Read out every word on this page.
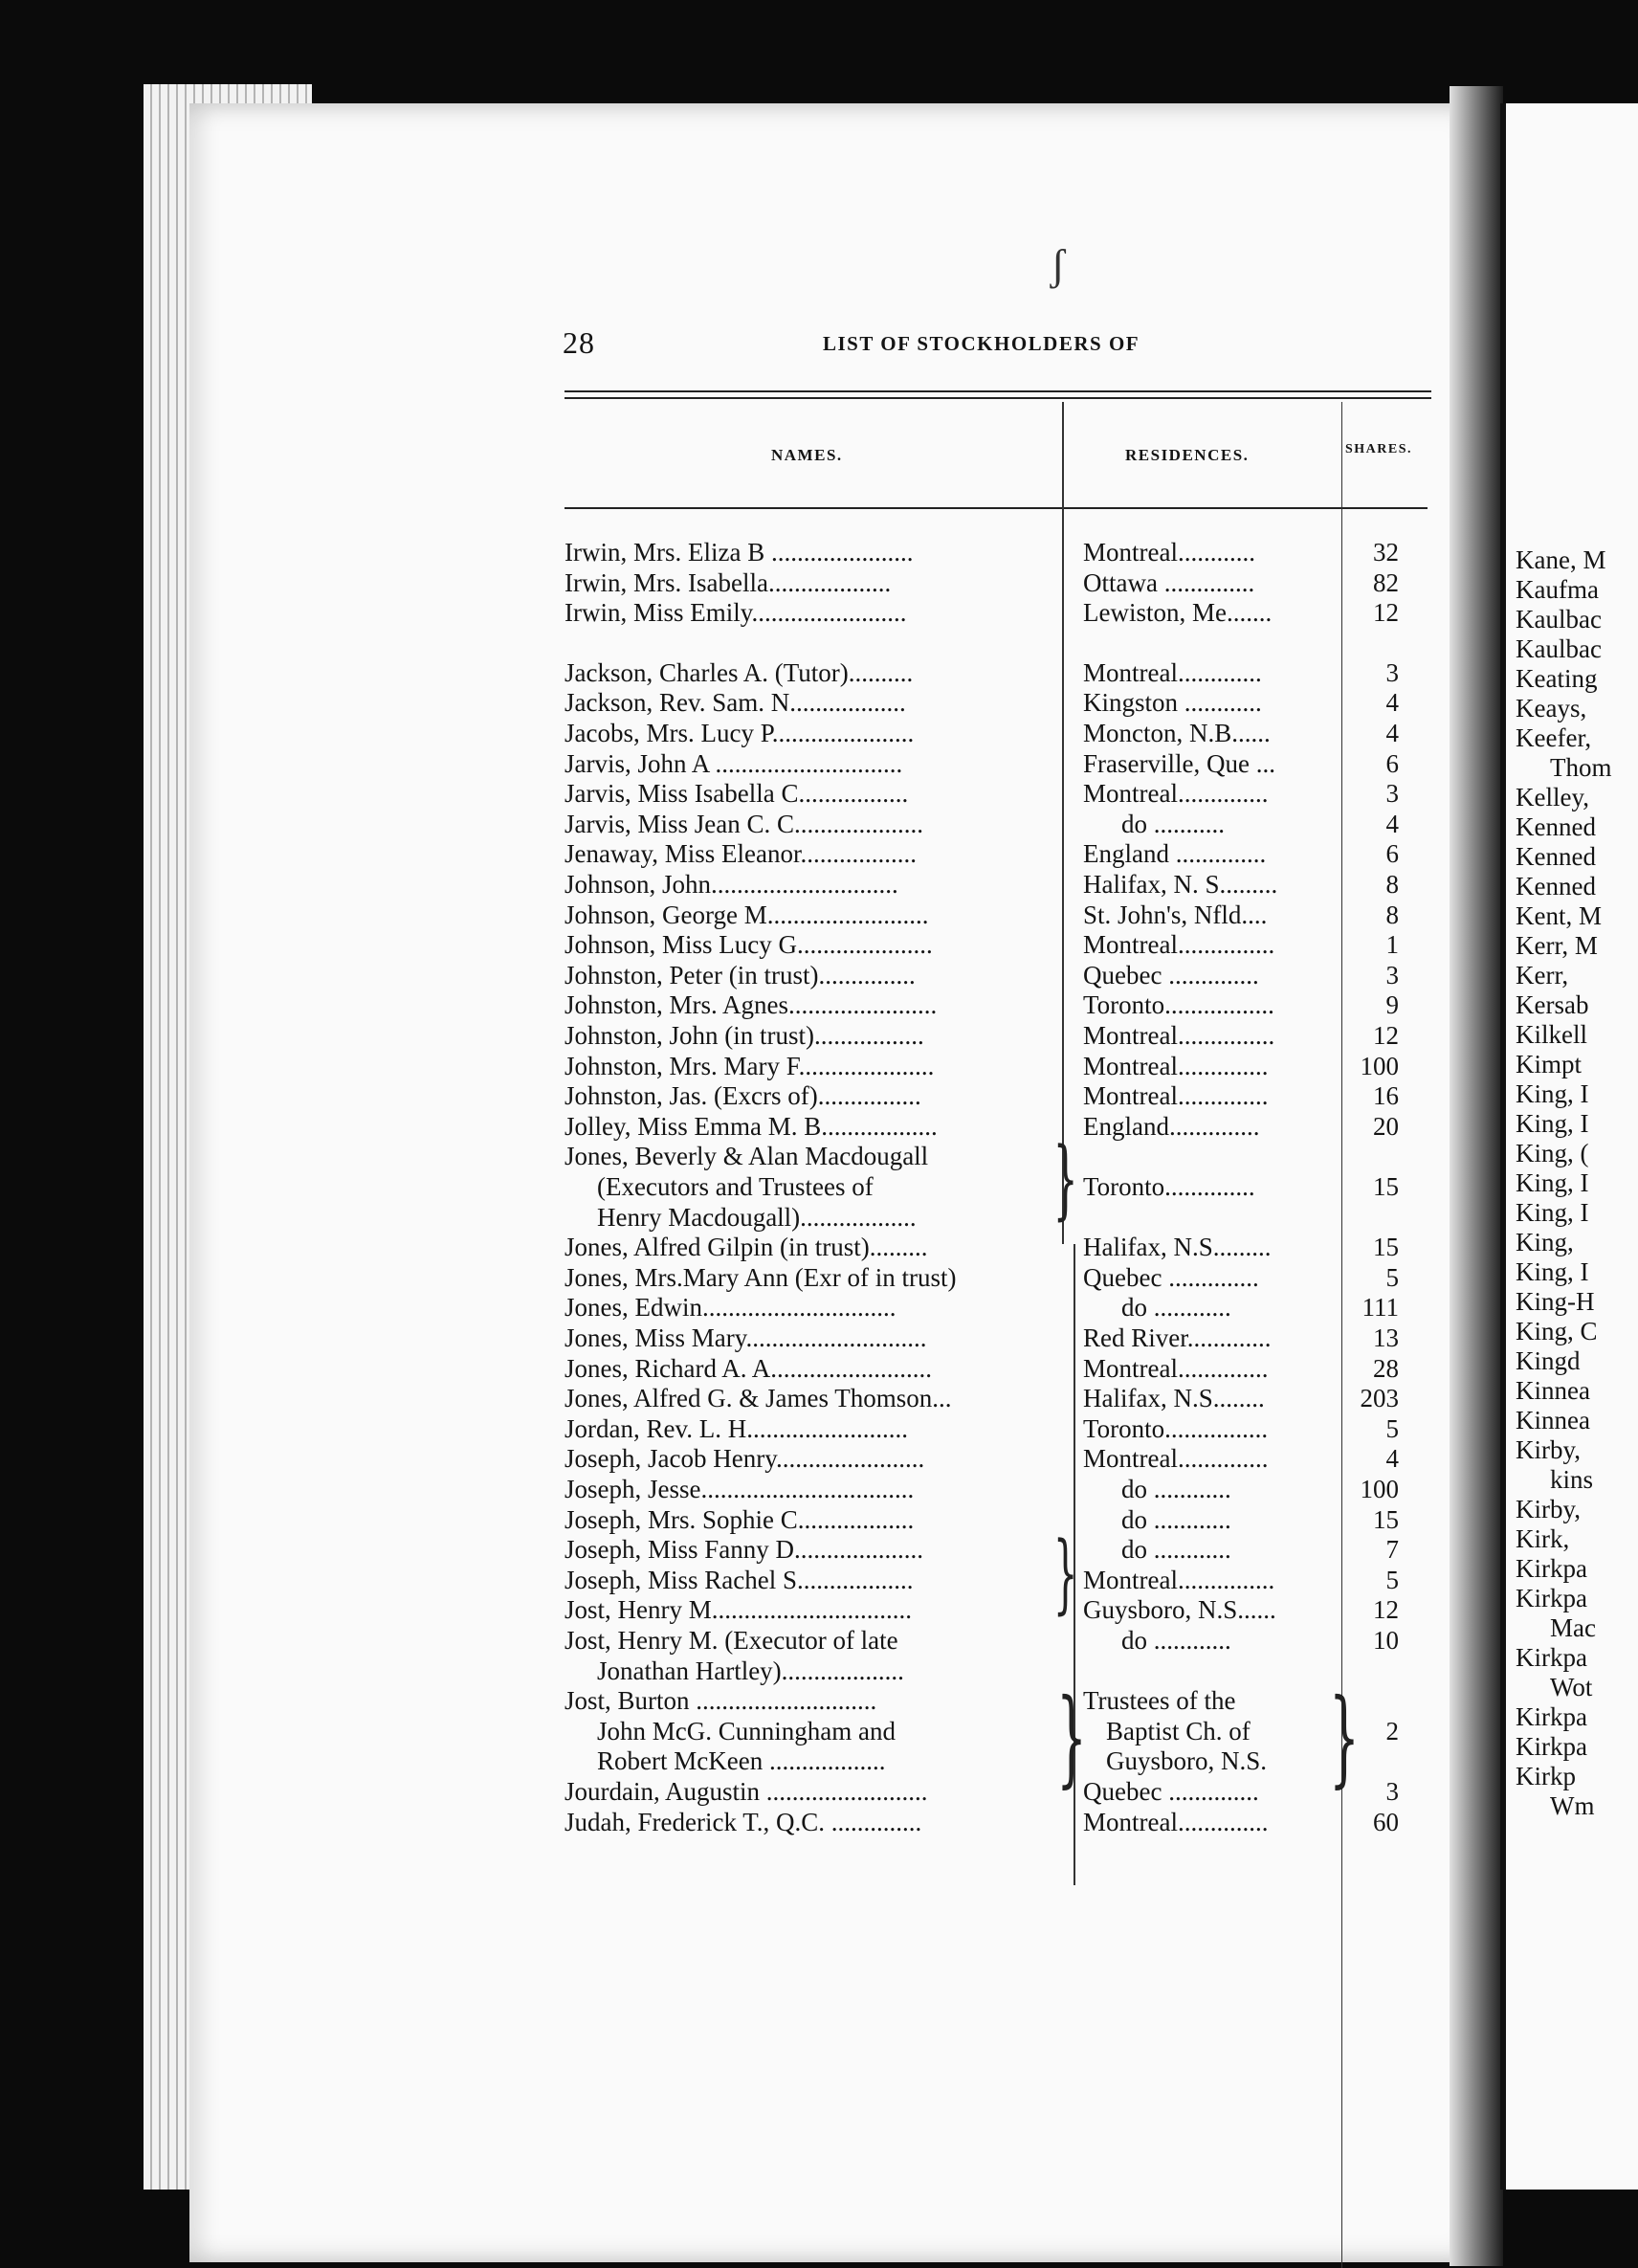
Kane, M
Kaufma
Kaulbac
Kaulbac
Keating
Keays,
Keefer,
Thom
Kelley,
Kenned
Kenned
Kenned
Kent, M
Kerr, M
Kerr,
Kersab
Kilkell
Kimpt
King, I
King, I
King, (
King, I
King, I
King,
King, I
King-H
King, C
Kingd
Kinnea
Kinnea
Kirby,
kins
Kirby,
Kirk,
Kirkpa
Kirkpa
Mac
Kirkpa
Wot
Kirkpa
Kirkpa
Kirkp
Wm
ʃ
28	LIST OF STOCKHOLDERS OF
NAMES.	RESIDENCES.	SHARES.
Irwin, Mrs. Eliza B ......................	Montreal............	32
Irwin, Mrs. Isabella...................	Ottawa ..............	82
Irwin, Miss Emily........................	Lewiston, Me.......	12
Jackson, Charles A. (Tutor)..........	Montreal.............	3
Jackson, Rev. Sam. N..................	Kingston ............	4
Jacobs, Mrs. Lucy P......................	Moncton, N.B......	4
Jarvis, John A .............................	Fraserville, Que ...	6
Jarvis, Miss Isabella C.................	Montreal..............	3
Jarvis, Miss Jean C. C....................	do ...........	4
Jenaway, Miss Eleanor..................	England ..............	6
Johnson, John.............................	Halifax, N. S.........	8
Johnson, George M.........................	St. John's, Nfld....	8
Johnson, Miss Lucy G.....................	Montreal...............	1
Johnston, Peter (in trust)...............	Quebec ..............	3
Johnston, Mrs. Agnes.......................	Toronto.................	9
Johnston, John (in trust).................	Montreal...............	12
Johnston, Mrs. Mary F.....................	Montreal..............	100
Johnston, Jas. (Excrs of)................	Montreal..............	16
Jolley, Miss Emma M. B..................	England..............	20
Jones, Beverly & Alan Macdougall
(Executors and Trustees of	Toronto..............	15
Henry Macdougall)..................
Jones, Alfred Gilpin (in trust).........	Halifax, N.S.........	15
Jones, Mrs.Mary Ann (Exr of in trust)	Quebec ..............	5
Jones, Edwin..............................	do ............	111
Jones, Miss Mary............................	Red River.............	13
Jones, Richard A. A.........................	Montreal..............	28
Jones, Alfred G. & James Thomson...	Halifax, N.S........	203
Jordan, Rev. L. H.........................	Toronto................	5
Joseph, Jacob Henry.......................	Montreal..............	4
Joseph, Jesse.................................	do ............	100
Joseph, Mrs. Sophie C..................	do ............	15
Joseph, Miss Fanny D....................	do ............	7
Joseph, Miss Rachel S..................	Montreal...............	5
Jost, Henry M...............................	Guysboro, N.S......	12
Jost, Henry M. (Executor of late	do ............	10
Jonathan Hartley)...................
Jost, Burton ............................	Trustees of the
John McG. Cunningham and	Baptist Ch. of	2
Robert McKeen ..................	Guysboro, N.S.
Jourdain, Augustin .........................	Quebec ..............	3
Judah, Frederick T., Q.C. ..............	Montreal..............	60
}
}
} }
